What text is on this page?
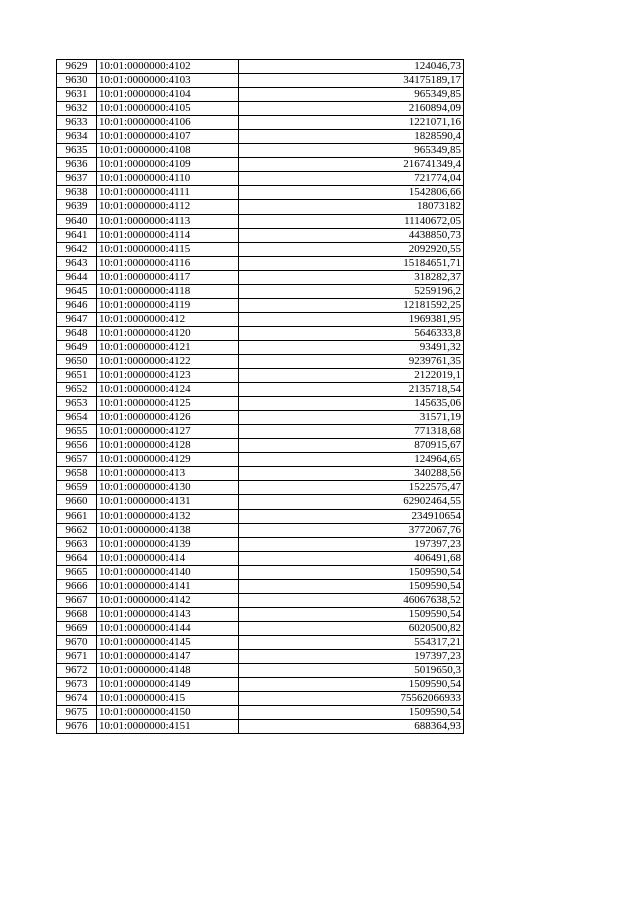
9629	10:01:0000000:4102	124046,73
9630	10:01:0000000:4103	34175189,17
9631	10:01:0000000:4104	965349,85
9632	10:01:0000000:4105	2160894,09
9633	10:01:0000000:4106	1221071,16
9634	10:01:0000000:4107	1828590,4
9635	10:01:0000000:4108	965349,85
9636	10:01:0000000:4109	216741349,4
9637	10:01:0000000:4110	721774,04
9638	10:01:0000000:4111	1542806,66
9639	10:01:0000000:4112	18073182
9640	10:01:0000000:4113	11140672,05
9641	10:01:0000000:4114	4438850,73
9642	10:01:0000000:4115	2092920,55
9643	10:01:0000000:4116	15184651,71
9644	10:01:0000000:4117	318282,37
9645	10:01:0000000:4118	5259196,2
9646	10:01:0000000:4119	12181592,25
9647	10:01:0000000:412	1969381,95
9648	10:01:0000000:4120	5646333,8
9649	10:01:0000000:4121	93491,32
9650	10:01:0000000:4122	9239761,35
9651	10:01:0000000:4123	2122019,1
9652	10:01:0000000:4124	2135718,54
9653	10:01:0000000:4125	145635,06
9654	10:01:0000000:4126	31571,19
9655	10:01:0000000:4127	771318,68
9656	10:01:0000000:4128	870915,67
9657	10:01:0000000:4129	124964,65
9658	10:01:0000000:413	340288,56
9659	10:01:0000000:4130	1522575,47
9660	10:01:0000000:4131	62902464,55
9661	10:01:0000000:4132	234910654
9662	10:01:0000000:4138	3772067,76
9663	10:01:0000000:4139	197397,23
9664	10:01:0000000:414	406491,68
9665	10:01:0000000:4140	1509590,54
9666	10:01:0000000:4141	1509590,54
9667	10:01:0000000:4142	46067638,52
9668	10:01:0000000:4143	1509590,54
9669	10:01:0000000:4144	6020500,82
9670	10:01:0000000:4145	554317,21
9671	10:01:0000000:4147	197397,23
9672	10:01:0000000:4148	5019650,3
9673	10:01:0000000:4149	1509590,54
9674	10:01:0000000:415	75562066933
9675	10:01:0000000:4150	1509590,54
9676	10:01:0000000:4151	688364,93
